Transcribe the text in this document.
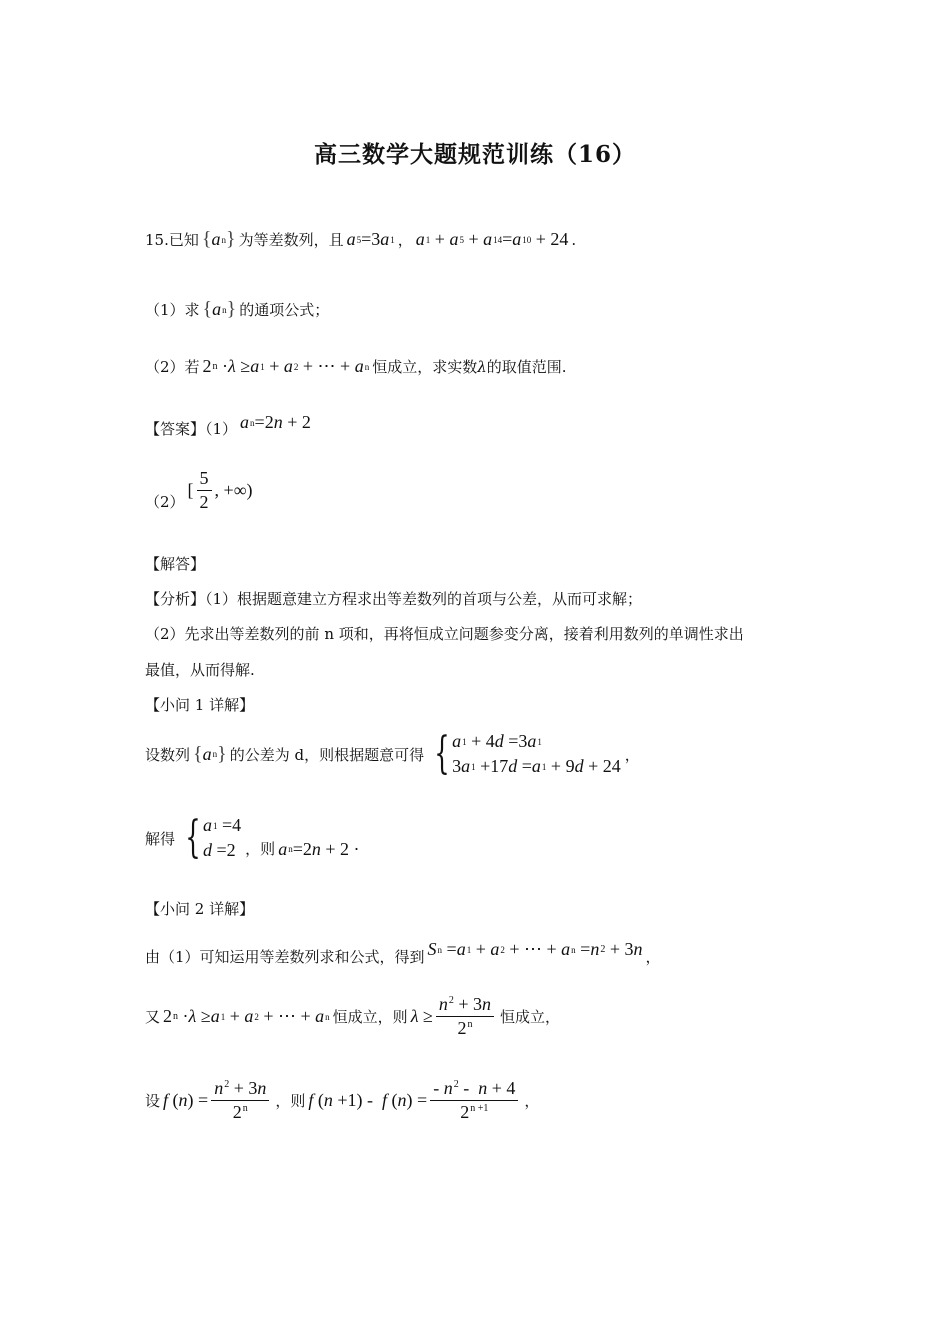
高三数学大题规范训练（16）
15. 已知 { a n } 为等差数列，且 a 5 =3 a 1 ， a 1 + a 5 + a 14 = a 10 + 24 .
（1）求 { a n } 的通项公式；
（2）若 2 n · λ ≥ a 1 + a 2 + ⋯ + a n 恒成立，求实数 λ 的取值范围.
【答案】（1） a n =2 n + 2
（2）
[ $\frac{5}{2}$ , +∞)
【解答】
【分析】（1）根据题意建立方程求出等差数列的首项与公差，从而可求解；
（2）先求出等差数列的前 n 项和，再将恒成立问题参变分离，接着利用数列的单调性求出
最值，从而得解.
【小问 1 详解】
设数列 { a n } 的公差为 d，则根据题意可得 { a 1 + 4 d =3 a 1
3 a 1 +17 d = a 1 + 9 d + 24
，
解得 { a 1 =4
d =2 ，则 a n =2 n + 2 ·
【小问 2 详解】
由（1）可知运用等差数列求和公式，得到 S n = a 1 + a 2 + ⋯ + a n = n 2 + 3 n ，
又 2 n · λ ≥ a 1 + a 2 + ⋯ + a n 恒成立，则 $\lambda \ge \frac{n^2 + 3n}{2^n}$ 恒成立，
设 f ( n ) = $\frac{n^2 + 3n}{2^n}$ ，则 f ( n +1) - f ( n ) = $\frac{- n^2 - n + 4}{2^{n +1}}$ ，
